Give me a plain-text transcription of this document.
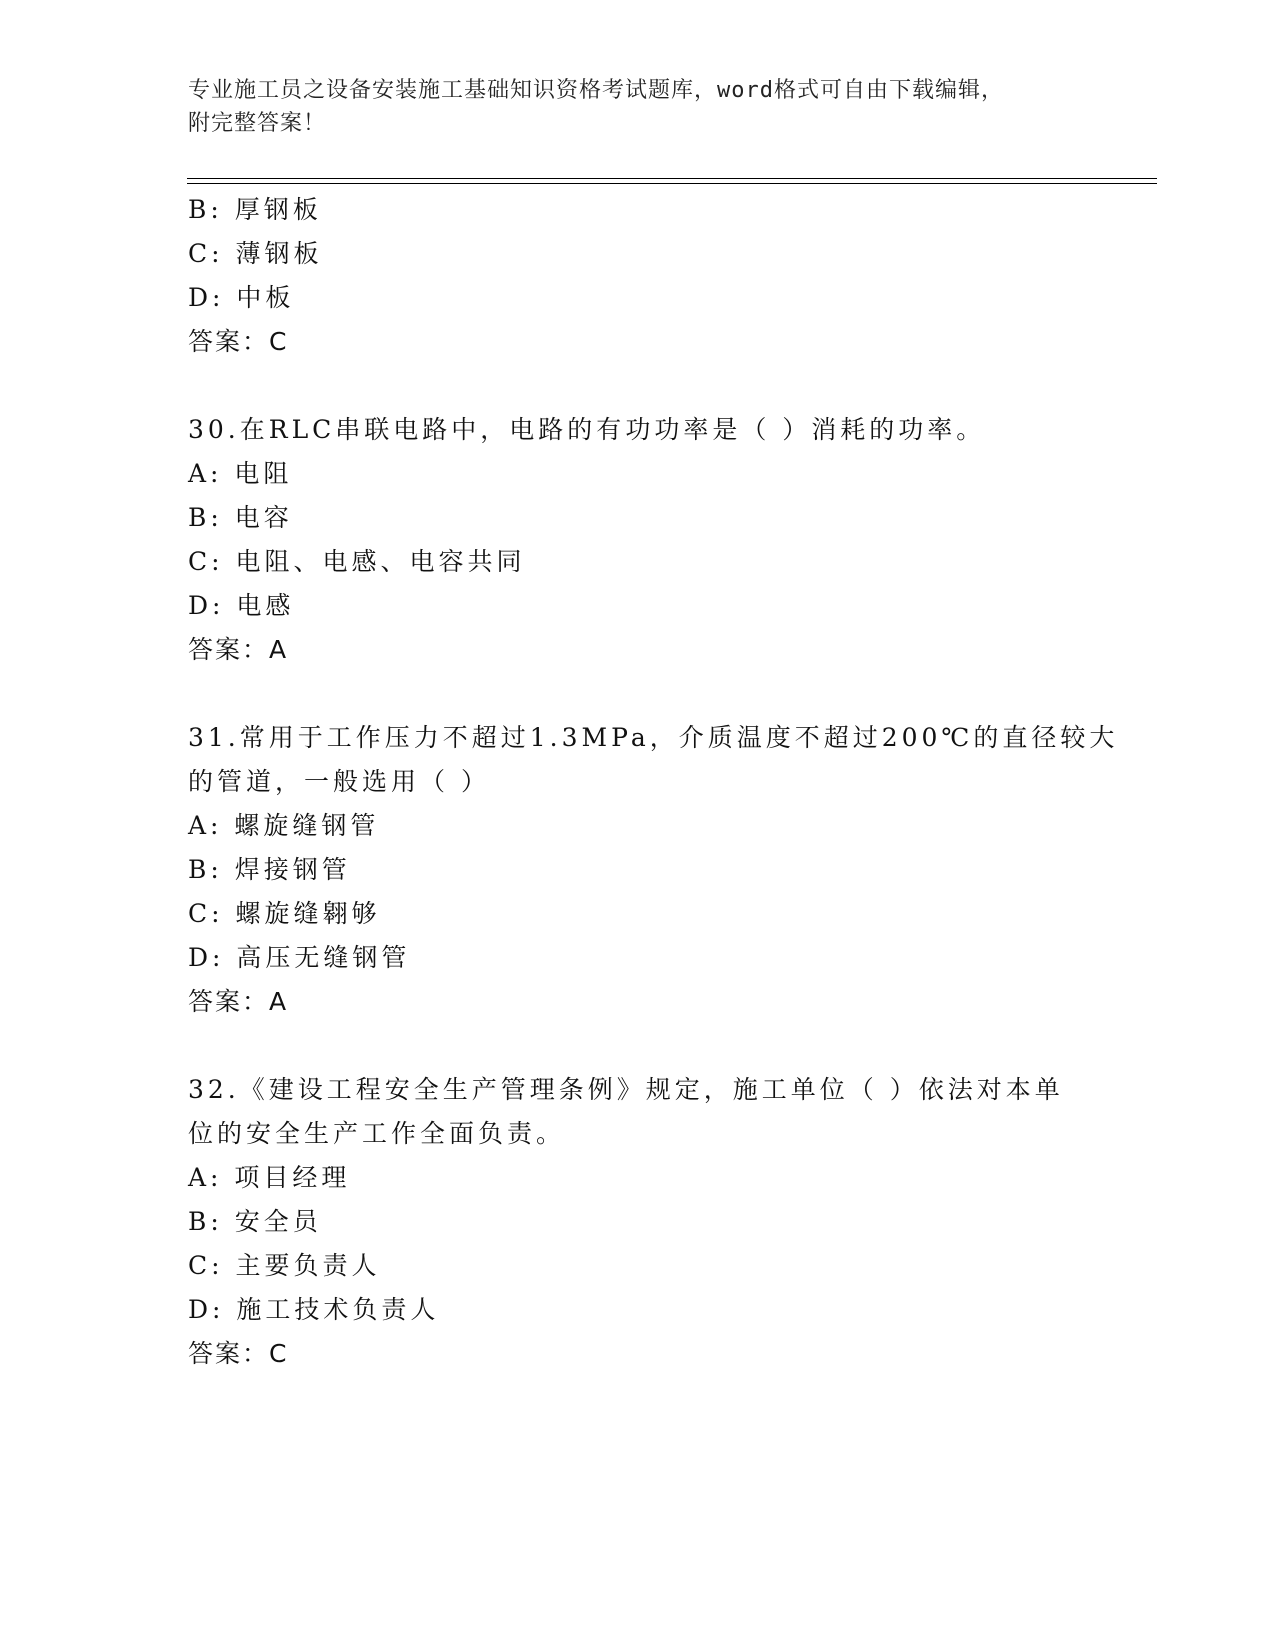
专业施工员之设备安装施工基础知识资格考试题库，word格式可自由下载编辑，
附完整答案！
B: 厚钢板
C: 薄钢板
D: 中板
答案：C
30.在RLC串联电路中，电路的有功功率是（ ）消耗的功率。
A: 电阻
B: 电容
C: 电阻、电感、电容共同
D: 电感
答案：A
31.常用于工作压力不超过1.3MPa，介质温度不超过200℃的直径较大
的管道，一般选用（ ）
A: 螺旋缝钢管
B: 焊接钢管
C: 螺旋缝翱够
D: 高压无缝钢管
答案：A
32.《建设工程安全生产管理条例》规定，施工单位（ ）依法对本单
位的安全生产工作全面负责。
A: 项目经理
B: 安全员
C: 主要负责人
D: 施工技术负责人
答案：C
